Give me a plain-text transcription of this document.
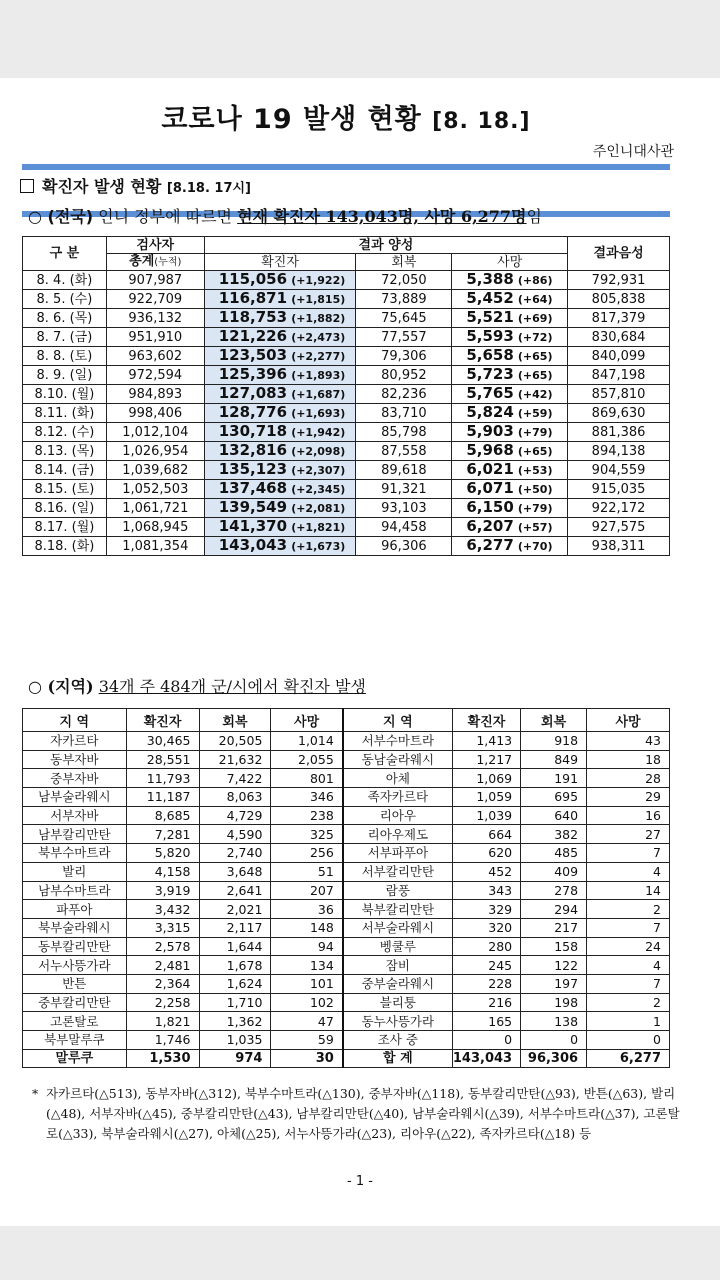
코로나 19 발생 현황 [8. 18.]
주인니대사관
확진자 발생 현황 [8.18. 17시]
○ (전국) 인니 정부에 따르면 현재 확진자 143,043명, 사망 6,277명임
구 분	검사자	결과 양성			결과음성
	총계(누적)	확진자	회복	사망	
8. 4. (화)	907,987	115,056 (+1,922)	72,050	5,388 (+86)	792,931
8. 5. (수)	922,709	116,871 (+1,815)	73,889	5,452 (+64)	805,838
8. 6. (목)	936,132	118,753 (+1,882)	75,645	5,521 (+69)	817,379
8. 7. (금)	951,910	121,226 (+2,473)	77,557	5,593 (+72)	830,684
8. 8. (토)	963,602	123,503 (+2,277)	79,306	5,658 (+65)	840,099
8. 9. (일)	972,594	125,396 (+1,893)	80,952	5,723 (+65)	847,198
8.10. (월)	984,893	127,083 (+1,687)	82,236	5,765 (+42)	857,810
8.11. (화)	998,406	128,776 (+1,693)	83,710	5,824 (+59)	869,630
8.12. (수)	1,012,104	130,718 (+1,942)	85,798	5,903 (+79)	881,386
8.13. (목)	1,026,954	132,816 (+2,098)	87,558	5,968 (+65)	894,138
8.14. (금)	1,039,682	135,123 (+2,307)	89,618	6,021 (+53)	904,559
8.15. (토)	1,052,503	137,468 (+2,345)	91,321	6,071 (+50)	915,035
8.16. (일)	1,061,721	139,549 (+2,081)	93,103	6,150 (+79)	922,172
8.17. (월)	1,068,945	141,370 (+1,821)	94,458	6,207 (+57)	927,575
8.18. (화)	1,081,354	143,043 (+1,673)	96,306	6,277 (+70)	938,311
○ (지역) 34개 주 484개 군/시에서 확진자 발생
지 역	확진자	회복	사망	지 역	확진자	회복	사망
자카르타	30,465	20,505	1,014	서부수마트라	1,413	918	43
동부자바	28,551	21,632	2,055	동남술라웨시	1,217	849	18
중부자바	11,793	7,422	801	아체	1,069	191	28
남부술라웨시	11,187	8,063	346	족자카르타	1,059	695	29
서부자바	8,685	4,729	238	리아우	1,039	640	16
남부칼리만탄	7,281	4,590	325	리아우제도	664	382	27
북부수마트라	5,820	2,740	256	서부파푸아	620	485	7
발리	4,158	3,648	51	서부칼리만탄	452	409	4
남부수마트라	3,919	2,641	207	람풍	343	278	14
파푸아	3,432	2,021	36	북부칼리만탄	329	294	2
북부술라웨시	3,315	2,117	148	서부술라웨시	320	217	7
동부칼리만탄	2,578	1,644	94	벵쿨루	280	158	24
서누사뜽가라	2,481	1,678	134	잠비	245	122	4
반튼	2,364	1,624	101	중부술라웨시	228	197	7
중부칼리만탄	2,258	1,710	102	블리퉁	216	198	2
고론탈로	1,821	1,362	47	동누사뜽가라	165	138	1
북부말루쿠	1,746	1,035	59	조사 중	0	0	0
말루쿠	1,530	974	30	합 계	143,043	96,306	6,277
* 자카르타(△513), 동부자바(△312), 북부수마트라(△130), 중부자바(△118), 동부칼리만탄(△93), 반튼(△63), 발리(△48), 서부자바(△45), 중부칼리만탄(△43), 남부칼리만탄(△40), 남부술라웨시(△39), 서부수마트라(△37), 고론탈로(△33), 북부술라웨시(△27), 아체(△25), 서누사뜽가라(△23), 리아우(△22), 족자카르타(△18) 등
- 1 -
